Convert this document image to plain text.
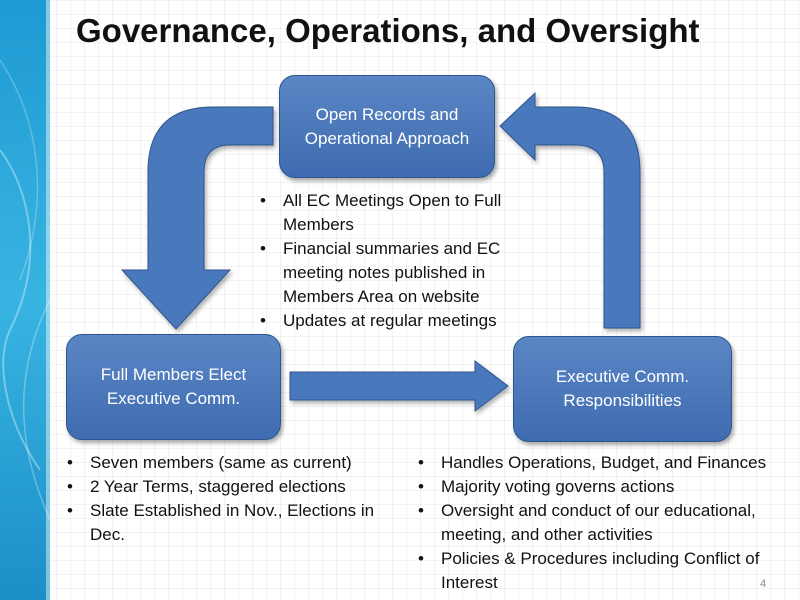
Governance, Operations, and Oversight
Open Records and
Operational Approach
Full Members Elect
Executive Comm.
Executive Comm.
Responsibilities
• All EC Meetings Open to Full Members
• Financial summaries and EC meeting notes published in Members Area on website
• Updates at regular meetings
• Seven members (same as current)
• 2 Year Terms, staggered elections
• Slate Established in Nov., Elections in Dec.
• Handles Operations, Budget, and Finances
• Majority voting governs actions
• Oversight and conduct of our educational, meeting, and other activities
• Policies & Procedures including Conflict of Interest	4
